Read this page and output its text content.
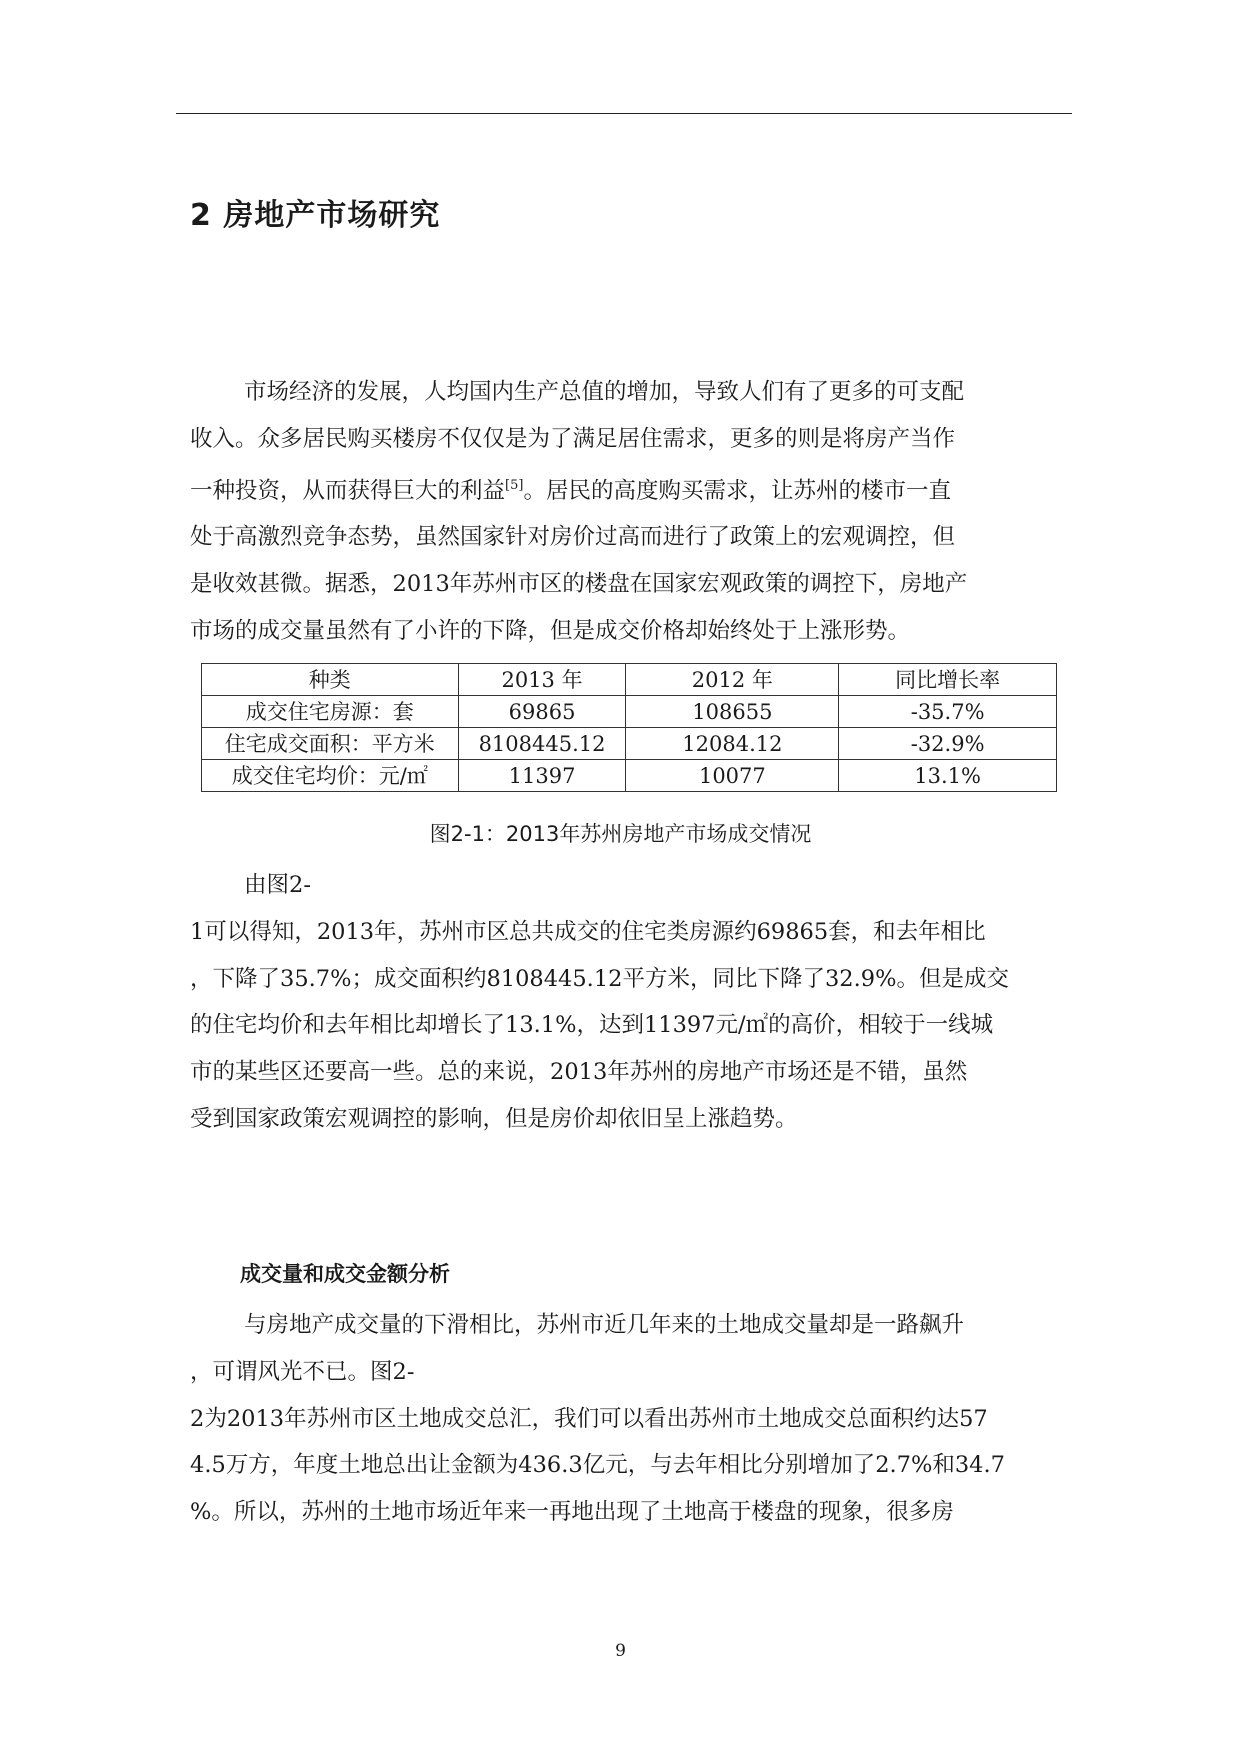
2 房地产市场研究
市场经济的发展，人均国内生产总值的增加，导致人们有了更多的可支配
收入。众多居民购买楼房不仅仅是为了满足居住需求，更多的则是将房产当作
一种投资，从而获得巨大的利益[5]。居民的高度购买需求，让苏州的楼市一直
处于高激烈竞争态势，虽然国家针对房价过高而进行了政策上的宏观调控，但
是收效甚微。据悉，2013年苏州市区的楼盘在国家宏观政策的调控下，房地产
市场的成交量虽然有了小许的下降，但是成交价格却始终处于上涨形势。
种类	2013 年	2012 年	同比增长率
成交住宅房源：套	69865	108655	-35.7%
住宅成交面积：平方米	8108445.12	12084.12	-32.9%
成交住宅均价：元/㎡	11397	10077	13.1%

图2-1：2013年苏州房地产市场成交情况

由图2-
1可以得知，2013年，苏州市区总共成交的住宅类房源约69865套，和去年相比
，下降了35.7%；成交面积约8108445.12平方米，同比下降了32.9%。但是成交
的住宅均价和去年相比却增长了13.1%，达到11397元/㎡的高价，相较于一线城
市的某些区还要高一些。总的来说，2013年苏州的房地产市场还是不错，虽然
受到国家政策宏观调控的影响，但是房价却依旧呈上涨趋势。
成交量和成交金额分析
与房地产成交量的下滑相比，苏州市近几年来的土地成交量却是一路飙升
，可谓风光不已。图2-
2为2013年苏州市区土地成交总汇，我们可以看出苏州市土地成交总面积约达57
4.5万方，年度土地总出让金额为436.3亿元，与去年相比分别增加了2.7%和34.7
%。所以，苏州的土地市场近年来一再地出现了土地高于楼盘的现象，很多房
9
